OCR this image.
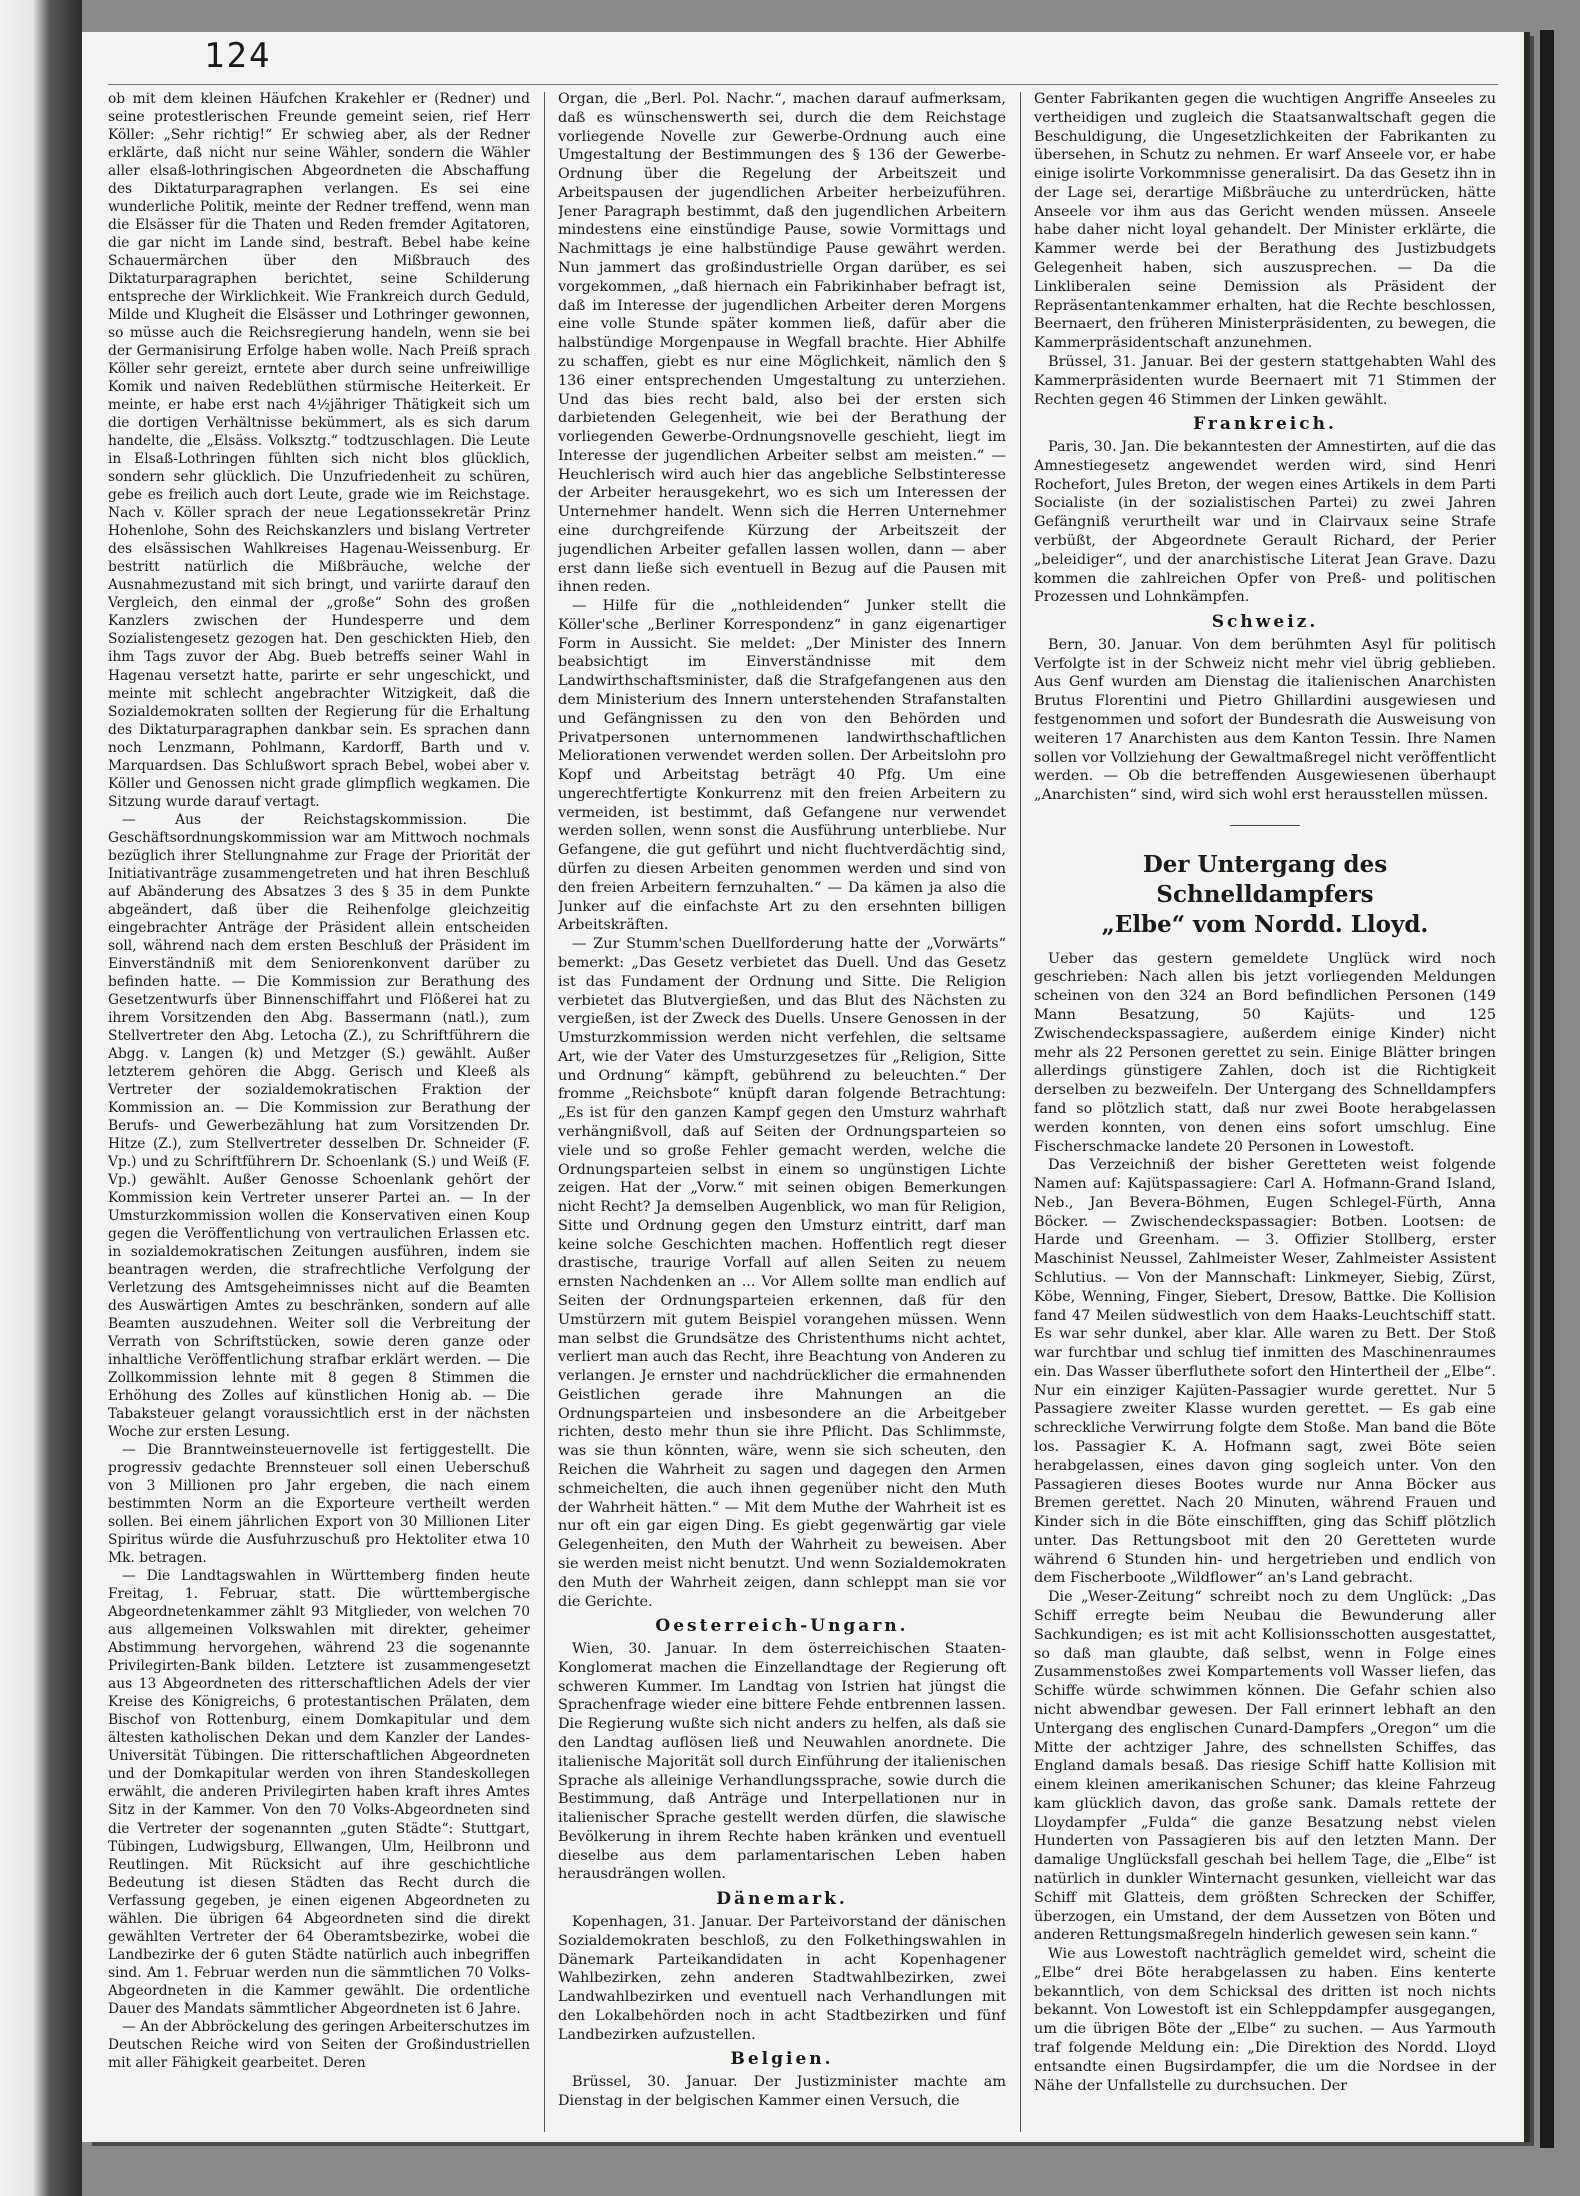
124

ob mit dem kleinen Häufchen Krakehler er (Redner) und seine protestlerischen Freunde gemeint seien, rief Herr Köller: „Sehr richtig!“ Er schwieg aber, als der Redner erklärte, daß nicht nur seine Wähler, sondern die Wähler aller elsaß-lothringischen Abgeordneten die Abschaffung des Diktaturparagraphen verlangen. Es sei eine wunderliche Politik, meinte der Redner treffend, wenn man die Elsässer für die Thaten und Reden fremder Agitatoren, die gar nicht im Lande sind, bestraft. Bebel habe keine Schauermärchen über den Mißbrauch des Diktaturparagraphen berichtet, seine Schilderung entspreche der Wirklichkeit. Wie Frankreich durch Geduld, Milde und Klugheit die Elsässer und Lothringer gewonnen, so müsse auch die Reichsregierung handeln, wenn sie bei der Germanisirung Erfolge haben wolle. Nach Preiß sprach Köller sehr gereizt, erntete aber durch seine unfreiwillige Komik und naiven Redeblüthen stürmische Heiterkeit. Er meinte, er habe erst nach 4½jähriger Thätigkeit sich um die dortigen Verhältnisse bekümmert, als es sich darum handelte, die „Elsäss. Volksztg.“ todtzuschlagen. Die Leute in Elsaß-Lothringen fühlten sich nicht blos glücklich, sondern sehr glücklich. Die Unzufriedenheit zu schüren, gebe es freilich auch dort Leute, grade wie im Reichstage. Nach v. Köller sprach der neue Legationssekretär Prinz Hohenlohe, Sohn des Reichskanzlers und bislang Vertreter des elsässischen Wahlkreises Hagenau-Weissenburg. Er bestritt natürlich die Mißbräuche, welche der Ausnahmezustand mit sich bringt, und variirte darauf den Vergleich, den einmal der „große“ Sohn des großen Kanzlers zwischen der Hundesperre und dem Sozialistengesetz gezogen hat. Den geschickten Hieb, den ihm Tags zuvor der Abg. Bueb betreffs seiner Wahl in Hagenau versetzt hatte, parirte er sehr ungeschickt, und meinte mit schlecht angebrachter Witzigkeit, daß die Sozialdemokraten sollten der Regierung für die Erhaltung des Diktaturparagraphen dankbar sein. Es sprachen dann noch Lenzmann, Pohlmann, Kardorff, Barth und v. Marquardsen. Das Schlußwort sprach Bebel, wobei aber v. Köller und Genossen nicht grade glimpflich wegkamen. Die Sitzung wurde darauf vertagt.

— Aus der Reichstagskommission. Die Geschäftsordnungskommission war am Mittwoch nochmals bezüglich ihrer Stellungnahme zur Frage der Priorität der Initiativanträge zusammengetreten und hat ihren Beschluß auf Abänderung des Absatzes 3 des § 35 in dem Punkte abgeändert, daß über die Reihenfolge gleichzeitig eingebrachter Anträge der Präsident allein entscheiden soll, während nach dem ersten Beschluß der Präsident im Einverständniß mit dem Seniorenkonvent darüber zu befinden hatte. — Die Kommission zur Berathung des Gesetzentwurfs über Binnenschiffahrt und Flößerei hat zu ihrem Vorsitzenden den Abg. Bassermann (natl.), zum Stellvertreter den Abg. Letocha (Z.), zu Schriftführern die Abgg. v. Langen (k) und Metzger (S.) gewählt. Außer letzterem gehören die Abgg. Gerisch und Kleeß als Vertreter der sozialdemokratischen Fraktion der Kommission an. — Die Kommission zur Berathung der Berufs- und Gewerbezählung hat zum Vorsitzenden Dr. Hitze (Z.), zum Stellvertreter desselben Dr. Schneider (F. Vp.) und zu Schriftführern Dr. Schoenlank (S.) und Weiß (F. Vp.) gewählt. Außer Genosse Schoenlank gehört der Kommission kein Vertreter unserer Partei an. — In der Umsturzkommission wollen die Konservativen einen Koup gegen die Veröffentlichung von vertraulichen Erlassen etc. in sozialdemokratischen Zeitungen ausführen, indem sie beantragen werden, die strafrechtliche Verfolgung der Verletzung des Amtsgeheimnisses nicht auf die Beamten des Auswärtigen Amtes zu beschränken, sondern auf alle Beamten auszudehnen. Weiter soll die Verbreitung der Verrath von Schriftstücken, sowie deren ganze oder inhaltliche Veröffentlichung strafbar erklärt werden. — Die Zollkommission lehnte mit 8 gegen 8 Stimmen die Erhöhung des Zolles auf künstlichen Honig ab. — Die Tabaksteuer gelangt voraussichtlich erst in der nächsten Woche zur ersten Lesung.

— Die Branntweinsteuernovelle ist fertiggestellt. Die progressiv gedachte Brennsteuer soll einen Ueberschuß von 3 Millionen pro Jahr ergeben, die nach einem bestimmten Norm an die Exporteure vertheilt werden sollen. Bei einem jährlichen Export von 30 Millionen Liter Spiritus würde die Ausfuhrzuschuß pro Hektoliter etwa 10 Mk. betragen.

— Die Landtagswahlen in Württemberg finden heute Freitag, 1. Februar, statt. Die württembergische Abgeordnetenkammer zählt 93 Mitglieder, von welchen 70 aus allgemeinen Volkswahlen mit direkter, geheimer Abstimmung hervorgehen, während 23 die sogenannte Privilegirten-Bank bilden. Letztere ist zusammengesetzt aus 13 Abgeordneten des ritterschaftlichen Adels der vier Kreise des Königreichs, 6 protestantischen Prälaten, dem Bischof von Rottenburg, einem Domkapitular und dem ältesten katholischen Dekan und dem Kanzler der Landes-Universität Tübingen. Die ritterschaftlichen Abgeordneten und der Domkapitular werden von ihren Standeskollegen erwählt, die anderen Privilegirten haben kraft ihres Amtes Sitz in der Kammer. Von den 70 Volks-Abgeordneten sind die Vertreter der sogenannten „guten Städte“: Stuttgart, Tübingen, Ludwigsburg, Ellwangen, Ulm, Heilbronn und Reutlingen. Mit Rücksicht auf ihre geschichtliche Bedeutung ist diesen Städten das Recht durch die Verfassung gegeben, je einen eigenen Abgeordneten zu wählen. Die übrigen 64 Abgeordneten sind die direkt gewählten Vertreter der 64 Oberamtsbezirke, wobei die Landbezirke der 6 guten Städte natürlich auch inbegriffen sind. Am 1. Februar werden nun die sämmtlichen 70 Volks-Abgeordneten in die Kammer gewählt. Die ordentliche Dauer des Mandats sämmtlicher Abgeordneten ist 6 Jahre.

— An der Abbröckelung des geringen Arbeiterschutzes im Deutschen Reiche wird von Seiten der Großindustriellen mit aller Fähigkeit gearbeitet. Deren

Organ, die „Berl. Pol. Nachr.“, machen darauf aufmerksam, daß es wünschenswerth sei, durch die dem Reichstage vorliegende Novelle zur Gewerbe-Ordnung auch eine Umgestaltung der Bestimmungen des § 136 der Gewerbe-Ordnung über die Regelung der Arbeitszeit und Arbeitspausen der jugendlichen Arbeiter herbeizuführen. Jener Paragraph bestimmt, daß den jugendlichen Arbeitern mindestens eine einstündige Pause, sowie Vormittags und Nachmittags je eine halbstündige Pause gewährt werden. Nun jammert das großindustrielle Organ darüber, es sei vorgekommen, „daß hiernach ein Fabrikinhaber befragt ist, daß im Interesse der jugendlichen Arbeiter deren Morgens eine volle Stunde später kommen ließ, dafür aber die halbstündige Morgenpause in Wegfall brachte. Hier Abhilfe zu schaffen, giebt es nur eine Möglichkeit, nämlich den § 136 einer entsprechenden Umgestaltung zu unterziehen. Und das bies recht bald, also bei der ersten sich darbietenden Gelegenheit, wie bei der Berathung der vorliegenden Gewerbe-Ordnungsnovelle geschieht, liegt im Interesse der jugendlichen Arbeiter selbst am meisten.“ — Heuchlerisch wird auch hier das angebliche Selbstinteresse der Arbeiter herausgekehrt, wo es sich um Interessen der Unternehmer handelt. Wenn sich die Herren Unternehmer eine durchgreifende Kürzung der Arbeitszeit der jugendlichen Arbeiter gefallen lassen wollen, dann — aber erst dann ließe sich eventuell in Bezug auf die Pausen mit ihnen reden.

— Hilfe für die „nothleidenden“ Junker stellt die Köller'sche „Berliner Korrespondenz“ in ganz eigenartiger Form in Aussicht. Sie meldet: „Der Minister des Innern beabsichtigt im Einverständnisse mit dem Landwirthschaftsminister, daß die Strafgefangenen aus den dem Ministerium des Innern unterstehenden Strafanstalten und Gefängnissen zu den von den Behörden und Privatpersonen unternommenen landwirthschaftlichen Meliorationen verwendet werden sollen. Der Arbeitslohn pro Kopf und Arbeitstag beträgt 40 Pfg. Um eine ungerechtfertigte Konkurrenz mit den freien Arbeitern zu vermeiden, ist bestimmt, daß Gefangene nur verwendet werden sollen, wenn sonst die Ausführung unterbliebe. Nur Gefangene, die gut geführt und nicht fluchtverdächtig sind, dürfen zu diesen Arbeiten genommen werden und sind von den freien Arbeitern fernzuhalten.“ — Da kämen ja also die Junker auf die einfachste Art zu den ersehnten billigen Arbeitskräften.

— Zur Stumm'schen Duellforderung hatte der „Vorwärts“ bemerkt: „Das Gesetz verbietet das Duell. Und das Gesetz ist das Fundament der Ordnung und Sitte. Die Religion verbietet das Blutvergießen, und das Blut des Nächsten zu vergießen, ist der Zweck des Duells. Unsere Genossen in der Umsturzkommission werden nicht verfehlen, die seltsame Art, wie der Vater des Umsturzgesetzes für „Religion, Sitte und Ordnung“ kämpft, gebührend zu beleuchten.“ Der fromme „Reichsbote“ knüpft daran folgende Betrachtung: „Es ist für den ganzen Kampf gegen den Umsturz wahrhaft verhängnißvoll, daß auf Seiten der Ordnungsparteien so viele und so große Fehler gemacht werden, welche die Ordnungsparteien selbst in einem so ungünstigen Lichte zeigen. Hat der „Vorw.“ mit seinen obigen Bemerkungen nicht Recht? Ja demselben Augenblick, wo man für Religion, Sitte und Ordnung gegen den Umsturz eintritt, darf man keine solche Geschichten machen. Hoffentlich regt dieser drastische, traurige Vorfall auf allen Seiten zu neuem ernsten Nachdenken an ... Vor Allem sollte man endlich auf Seiten der Ordnungsparteien erkennen, daß für den Umstürzern mit gutem Beispiel vorangehen müssen. Wenn man selbst die Grundsätze des Christenthums nicht achtet, verliert man auch das Recht, ihre Beachtung von Anderen zu verlangen. Je ernster und nachdrücklicher die ermahnenden Geistlichen gerade ihre Mahnungen an die Ordnungsparteien und insbesondere an die Arbeitgeber richten, desto mehr thun sie ihre Pflicht. Das Schlimmste, was sie thun könnten, wäre, wenn sie sich scheuten, den Reichen die Wahrheit zu sagen und dagegen den Armen schmeichelten, die auch ihnen gegenüber nicht den Muth der Wahrheit hätten.“ — Mit dem Muthe der Wahrheit ist es nur oft ein gar eigen Ding. Es giebt gegenwärtig gar viele Gelegenheiten, den Muth der Wahrheit zu beweisen. Aber sie werden meist nicht benutzt. Und wenn Sozialdemokraten den Muth der Wahrheit zeigen, dann schleppt man sie vor die Gerichte.

Oesterreich-Ungarn.

Wien, 30. Januar. In dem österreichischen Staaten-Konglomerat machen die Einzellandtage der Regierung oft schweren Kummer. Im Landtag von Istrien hat jüngst die Sprachenfrage wieder eine bittere Fehde entbrennen lassen. Die Regierung wußte sich nicht anders zu helfen, als daß sie den Landtag auflösen ließ und Neuwahlen anordnete. Die italienische Majorität soll durch Einführung der italienischen Sprache als alleinige Verhandlungssprache, sowie durch die Bestimmung, daß Anträge und Interpellationen nur in italienischer Sprache gestellt werden dürfen, die slawische Bevölkerung in ihrem Rechte haben kränken und eventuell dieselbe aus dem parlamentarischen Leben haben herausdrängen wollen.

Dänemark.

Kopenhagen, 31. Januar. Der Parteivorstand der dänischen Sozialdemokraten beschloß, zu den Folkethingswahlen in Dänemark Parteikandidaten in acht Kopenhagener Wahlbezirken, zehn anderen Stadtwahlbezirken, zwei Landwahlbezirken und eventuell nach Verhandlungen mit den Lokalbehörden noch in acht Stadtbezirken und fünf Landbezirken aufzustellen.

Belgien.

Brüssel, 30. Januar. Der Justizminister machte am Dienstag in der belgischen Kammer einen Versuch, die

Genter Fabrikanten gegen die wuchtigen Angriffe Anseeles zu vertheidigen und zugleich die Staatsanwaltschaft gegen die Beschuldigung, die Ungesetzlichkeiten der Fabrikanten zu übersehen, in Schutz zu nehmen. Er warf Anseele vor, er habe einige isolirte Vorkommnisse generalisirt. Da das Gesetz ihn in der Lage sei, derartige Mißbräuche zu unterdrücken, hätte Anseele vor ihm aus das Gericht wenden müssen. Anseele habe daher nicht loyal gehandelt. Der Minister erklärte, die Kammer werde bei der Berathung des Justizbudgets Gelegenheit haben, sich auszusprechen. — Da die Linkliberalen seine Demission als Präsident der Repräsentantenkammer erhalten, hat die Rechte beschlossen, Beernaert, den früheren Ministerpräsidenten, zu bewegen, die Kammerpräsidentschaft anzunehmen.

Brüssel, 31. Januar. Bei der gestern stattgehabten Wahl des Kammerpräsidenten wurde Beernaert mit 71 Stimmen der Rechten gegen 46 Stimmen der Linken gewählt.

Frankreich.

Paris, 30. Jan. Die bekanntesten der Amnestirten, auf die das Amnestiegesetz angewendet werden wird, sind Henri Rochefort, Jules Breton, der wegen eines Artikels in dem Parti Socialiste (in der sozialistischen Partei) zu zwei Jahren Gefängniß verurtheilt war und in Clairvaux seine Strafe verbüßt, der Abgeordnete Gerault Richard, der Perier „beleidiger“, und der anarchistische Literat Jean Grave. Dazu kommen die zahlreichen Opfer von Preß- und politischen Prozessen und Lohnkämpfen.

Schweiz.

Bern, 30. Januar. Von dem berühmten Asyl für politisch Verfolgte ist in der Schweiz nicht mehr viel übrig geblieben. Aus Genf wurden am Dienstag die italienischen Anarchisten Brutus Florentini und Pietro Ghillardini ausgewiesen und festgenommen und sofort der Bundesrath die Ausweisung von weiteren 17 Anarchisten aus dem Kanton Tessin. Ihre Namen sollen vor Vollziehung der Gewaltmaßregel nicht veröffentlicht werden. — Ob die betreffenden Ausgewiesenen überhaupt „Anarchisten“ sind, wird sich wohl erst herausstellen müssen.

Der Untergang des Schnelldampfers
„Elbe“ vom Nordd. Lloyd.

Ueber das gestern gemeldete Unglück wird noch geschrieben: Nach allen bis jetzt vorliegenden Meldungen scheinen von den 324 an Bord befindlichen Personen (149 Mann Besatzung, 50 Kajüts- und 125 Zwischendeckspassagiere, außerdem einige Kinder) nicht mehr als 22 Personen gerettet zu sein. Einige Blätter bringen allerdings günstigere Zahlen, doch ist die Richtigkeit derselben zu bezweifeln. Der Untergang des Schnelldampfers fand so plötzlich statt, daß nur zwei Boote herabgelassen werden konnten, von denen eins sofort umschlug. Eine Fischerschmacke landete 20 Personen in Lowestoft.

Das Verzeichniß der bisher Geretteten weist folgende Namen auf: Kajütspassagiere: Carl A. Hofmann-Grand Island, Neb., Jan Bevera-Böhmen, Eugen Schlegel-Fürth, Anna Böcker. — Zwischendeckspassagier: Botben. Lootsen: de Harde und Greenham. — 3. Offizier Stollberg, erster Maschinist Neussel, Zahlmeister Weser, Zahlmeister Assistent Schlutius. — Von der Mannschaft: Linkmeyer, Siebig, Zürst, Köbe, Wenning, Finger, Siebert, Dresow, Battke. Die Kollision fand 47 Meilen südwestlich von dem Haaks-Leuchtschiff statt. Es war sehr dunkel, aber klar. Alle waren zu Bett. Der Stoß war furchtbar und schlug tief inmitten des Maschinenraumes ein. Das Wasser überfluthete sofort den Hintertheil der „Elbe“. Nur ein einziger Kajüten-Passagier wurde gerettet. Nur 5 Passagiere zweiter Klasse wurden gerettet. — Es gab eine schreckliche Verwirrung folgte dem Stoße. Man band die Böte los. Passagier K. A. Hofmann sagt, zwei Böte seien herabgelassen, eines davon ging sogleich unter. Von den Passagieren dieses Bootes wurde nur Anna Böcker aus Bremen gerettet. Nach 20 Minuten, während Frauen und Kinder sich in die Böte einschifften, ging das Schiff plötzlich unter. Das Rettungsboot mit den 20 Geretteten wurde während 6 Stunden hin- und hergetrieben und endlich von dem Fischerboote „Wildflower“ an's Land gebracht.

Die „Weser-Zeitung“ schreibt noch zu dem Unglück: „Das Schiff erregte beim Neubau die Bewunderung aller Sachkundigen; es ist mit acht Kollisionsschotten ausgestattet, so daß man glaubte, daß selbst, wenn in Folge eines Zusammenstoßes zwei Kompartements voll Wasser liefen, das Schiffe würde schwimmen können. Die Gefahr schien also nicht abwendbar gewesen. Der Fall erinnert lebhaft an den Untergang des englischen Cunard-Dampfers „Oregon“ um die Mitte der achtziger Jahre, des schnellsten Schiffes, das England damals besaß. Das riesige Schiff hatte Kollision mit einem kleinen amerikanischen Schuner; das kleine Fahrzeug kam glücklich davon, das große sank. Damals rettete der Lloydampfer „Fulda“ die ganze Besatzung nebst vielen Hunderten von Passagieren bis auf den letzten Mann. Der damalige Unglücksfall geschah bei hellem Tage, die „Elbe“ ist natürlich in dunkler Winternacht gesunken, vielleicht war das Schiff mit Glatteis, dem größten Schrecken der Schiffer, überzogen, ein Umstand, der dem Aussetzen von Böten und anderen Rettungsmaßregeln hinderlich gewesen sein kann.“

Wie aus Lowestoft nachträglich gemeldet wird, scheint die „Elbe“ drei Böte herabgelassen zu haben. Eins kenterte bekanntlich, von dem Schicksal des dritten ist noch nichts bekannt. Von Lowestoft ist ein Schleppdampfer ausgegangen, um die übrigen Böte der „Elbe“ zu suchen. — Aus Yarmouth traf folgende Meldung ein: „Die Direktion des Nordd. Lloyd entsandte einen Bugsirdampfer, die um die Nordsee in der Nähe der Unfallstelle zu durchsuchen. Der
